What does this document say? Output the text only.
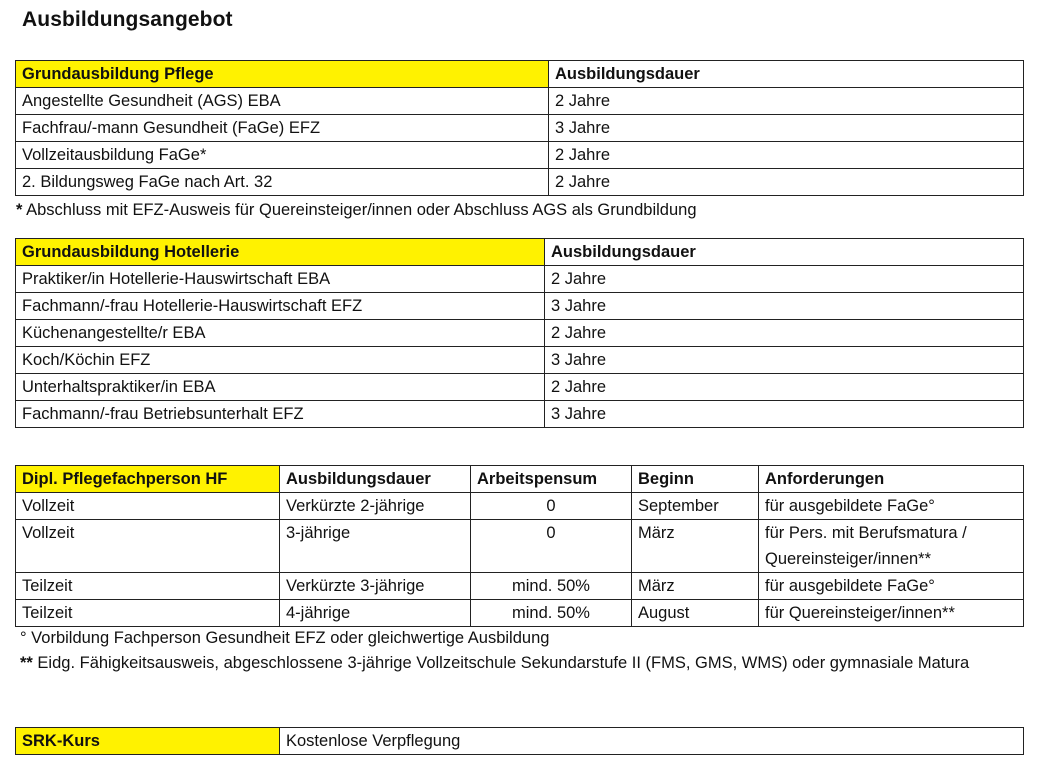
Ausbildungsangebot
Grundausbildung Pflege	Ausbildungsdauer
Angestellte Gesundheit (AGS) EBA	2 Jahre
Fachfrau/-mann Gesundheit (FaGe) EFZ	3 Jahre
Vollzeitausbildung FaGe*	2 Jahre
2. Bildungsweg FaGe nach Art. 32	2 Jahre
* Abschluss mit EFZ-Ausweis für Quereinsteiger/innen oder Abschluss AGS als Grundbildung
Grundausbildung Hotellerie	Ausbildungsdauer
Praktiker/in Hotellerie-Hauswirtschaft EBA	2 Jahre
Fachmann/-frau Hotellerie-Hauswirtschaft EFZ	3 Jahre
Küchenangestellte/r EBA	2 Jahre
Koch/Köchin EFZ	3 Jahre
Unterhaltspraktiker/in EBA	2 Jahre
Fachmann/-frau Betriebsunterhalt EFZ	3 Jahre
Dipl. Pflegefachperson HF	Ausbildungsdauer	Arbeitspensum	Beginn	Anforderungen
Vollzeit	Verkürzte 2-jährige	0	September	für ausgebildete FaGe°
Vollzeit	3-jährige	0	März	für Pers. mit Berufsmatura / Quereinsteiger/innen**
Teilzeit	Verkürzte 3-jährige	mind. 50%	März	für ausgebildete FaGe°
Teilzeit	4-jährige	mind. 50%	August	für Quereinsteiger/innen**
° Vorbildung Fachperson Gesundheit EFZ oder gleichwertige Ausbildung
** Eidg. Fähigkeitsausweis, abgeschlossene 3-jährige Vollzeitschule Sekundarstufe II (FMS, GMS, WMS) oder gymnasiale Matura
SRK-Kurs	Kostenlose Verpflegung
